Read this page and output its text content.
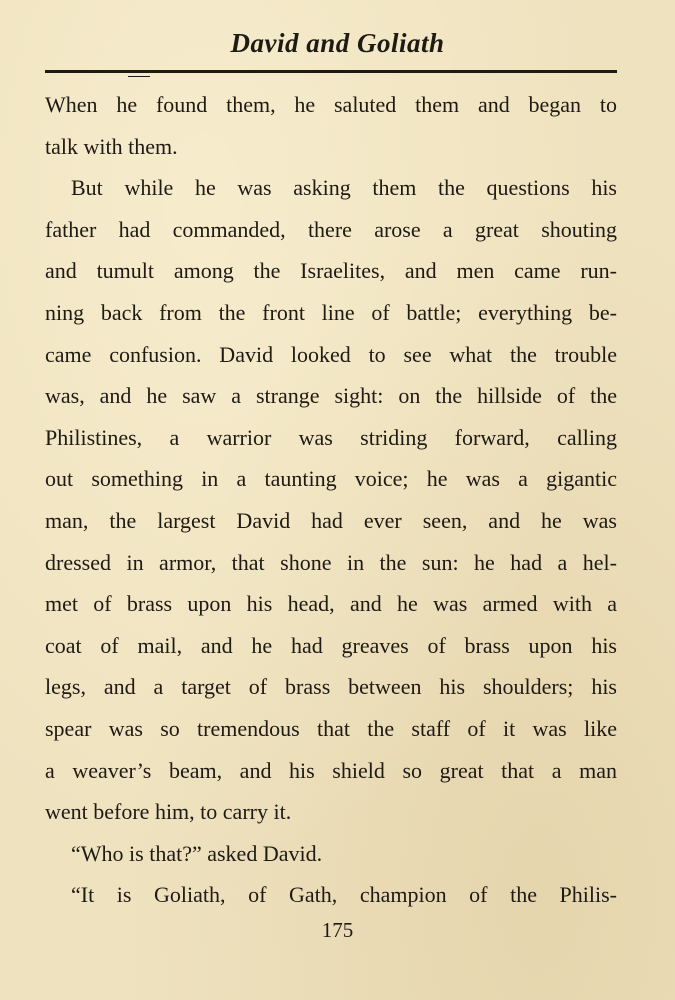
David and Goliath
When he found them, he saluted them and began to
talk with them.
But while he was asking them the questions his
father had commanded, there arose a great shouting
and tumult among the Israelites, and men came run-
ning back from the front line of battle; everything be-
came confusion. David looked to see what the trouble
was, and he saw a strange sight: on the hillside of the
Philistines, a warrior was striding forward, calling
out something in a taunting voice; he was a gigantic
man, the largest David had ever seen, and he was
dressed in armor, that shone in the sun: he had a hel-
met of brass upon his head, and he was armed with a
coat of mail, and he had greaves of brass upon his
legs, and a target of brass between his shoulders; his
spear was so tremendous that the staff of it was like
a weaver’s beam, and his shield so great that a man
went before him, to carry it.
“Who is that?” asked David.
“It is Goliath, of Gath, champion of the Philis-
175
